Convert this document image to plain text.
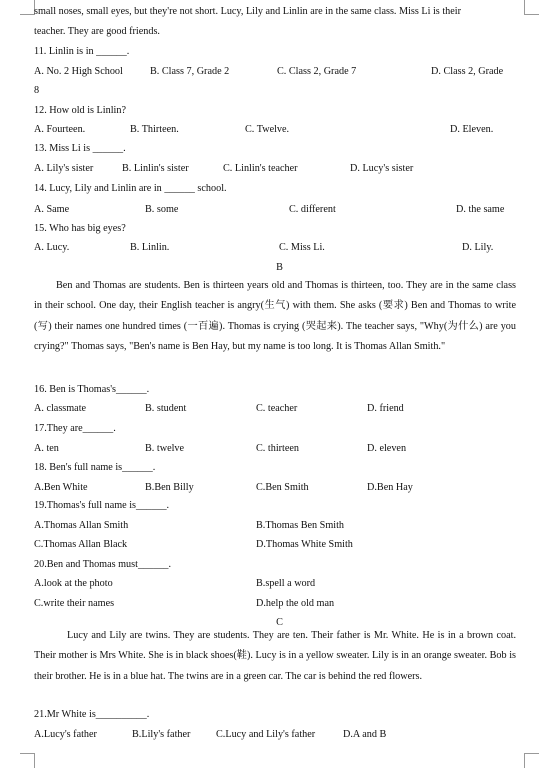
small noses, small eyes, but they're not short. Lucy, Lily and Linlin are in the same class. Miss Li is their
teacher. They are good friends.
11. Linlin is in ______.
A. No. 2 High School	B. Class 7, Grade 2	C. Class 2, Grade 7	D. Class 2, Grade
8
12. How old is Linlin?
A. Fourteen.	B. Thirteen.	C. Twelve.	D. Eleven.
13. Miss Li is ______.
A. Lily's sister	B. Linlin's sister	C. Linlin's teacher	D. Lucy's sister
14. Lucy, Lily and Linlin are in ______ school.
A. Same	B. some	C. different	D. the same
15. Who has big eyes?
A. Lucy.	B. Linlin.	C. Miss Li.	D. Lily.
B
Ben and Thomas are students. Ben is thirteen years old and Thomas is thirteen, too. They are in the same class in their school. One day, their English teacher is angry(生气) with them. She asks (要求) Ben and Thomas to write (写) their names one hundred times (一百遍). Thomas is crying (哭起来). The teacher says, "Why(为什么) are you crying?" Thomas says, "Ben's name is Ben Hay, but my name is too long. It is Thomas Allan Smith."
16. Ben is Thomas's______.
A. classmate	B. student	C. teacher	D. friend
17.They are______.
A. ten	B. twelve	C. thirteen	D. eleven
18. Ben's full name is______.
A.Ben White	B.Ben Billy	C.Ben Smith	D.Ben Hay
19.Thomas's full name is______.
A.Thomas Allan Smith	B.Thomas Ben Smith
C.Thomas Allan Black	D.Thomas White Smith
20.Ben and Thomas must______.
A.look at the photo	B.spell a word
C.write their names	D.help the old man
C
Lucy and Lily are twins. They are students. They are ten. Their father is Mr. White. He is in a brown coat. Their mother is Mrs White. She is in black shoes(鞋). Lucy is in a yellow sweater. Lily is in an orange sweater. Bob is their brother. He is in a blue hat. The twins are in a green car. The car is behind the red flowers.
21.Mr White is__________.
A.Lucy's father	B.Lily's father	C.Lucy and Lily's father	D.A and B
